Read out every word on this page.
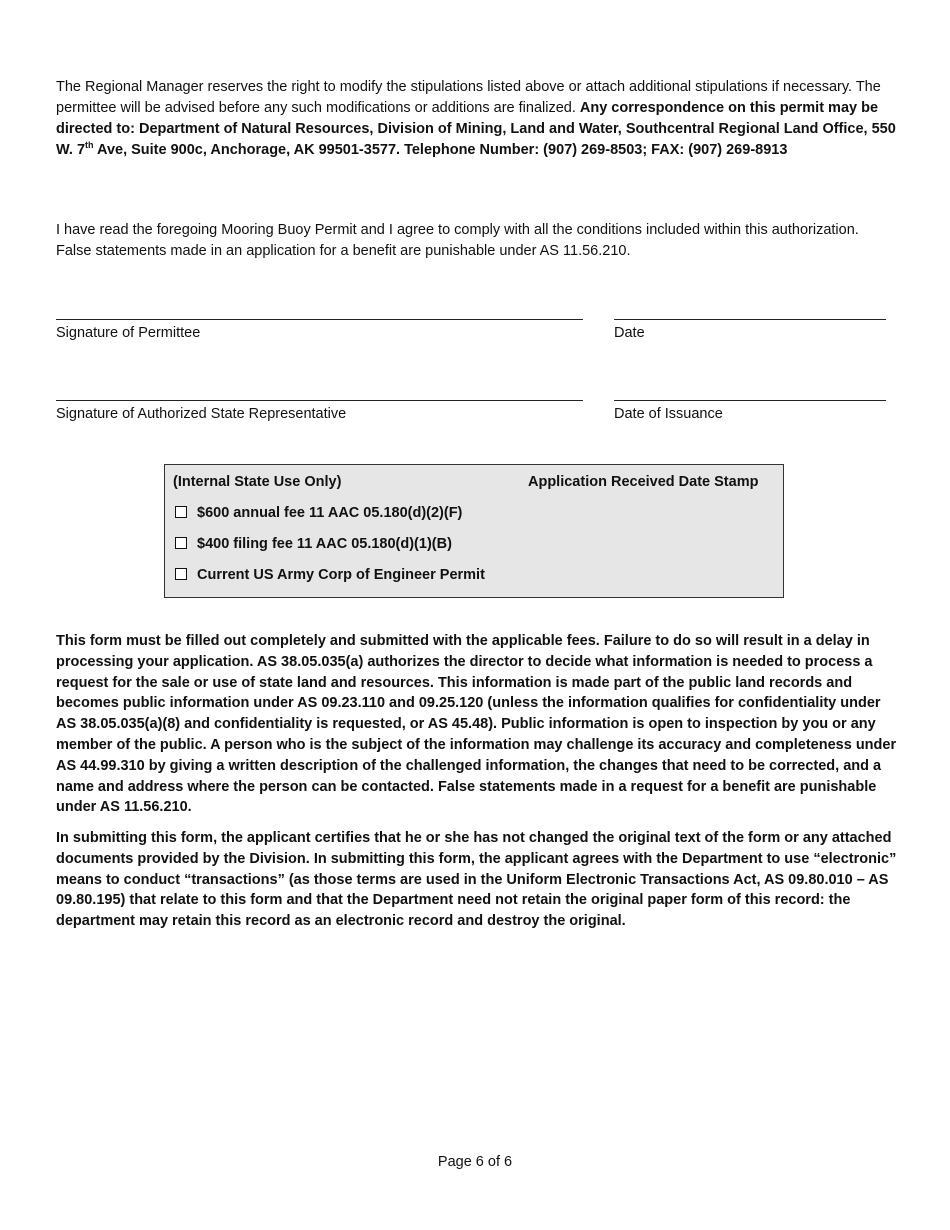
The Regional Manager reserves the right to modify the stipulations listed above or attach additional stipulations if necessary. The permittee will be advised before any such modifications or additions are finalized. Any correspondence on this permit may be directed to: Department of Natural Resources, Division of Mining, Land and Water, Southcentral Regional Land Office, 550 W. 7th Ave, Suite 900c, Anchorage, AK 99501-3577. Telephone Number: (907) 269-8503; FAX: (907) 269-8913

I have read the foregoing Mooring Buoy Permit and I agree to comply with all the conditions included within this authorization. False statements made in an application for a benefit are punishable under AS 11.56.210.

Signature of Permittee	Date
Signature of Authorized State Representative	Date of Issuance
(Internal State Use Only)	Application Received Date Stamp
$600 annual fee 11 AAC 05.180(d)(2)(F)
$400 filing fee 11 AAC 05.180(d)(1)(B)
Current US Army Corp of Engineer Permit

This form must be filled out completely and submitted with the applicable fees. Failure to do so will result in a delay in processing your application. AS 38.05.035(a) authorizes the director to decide what information is needed to process a request for the sale or use of state land and resources. This information is made part of the public land records and becomes public information under AS 09.23.110 and 09.25.120 (unless the information qualifies for confidentiality under AS 38.05.035(a)(8) and confidentiality is requested, or AS 45.48). Public information is open to inspection by you or any member of the public. A person who is the subject of the information may challenge its accuracy and completeness under AS 44.99.310 by giving a written description of the challenged information, the changes that need to be corrected, and a name and address where the person can be contacted. False statements made in a request for a benefit are punishable under AS 11.56.210.

In submitting this form, the applicant certifies that he or she has not changed the original text of the form or any attached documents provided by the Division. In submitting this form, the applicant agrees with the Department to use “electronic” means to conduct “transactions” (as those terms are used in the Uniform Electronic Transactions Act, AS 09.80.010 – AS 09.80.195) that relate to this form and that the Department need not retain the original paper form of this record: the department may retain this record as an electronic record and destroy the original.

Page 6 of 6
